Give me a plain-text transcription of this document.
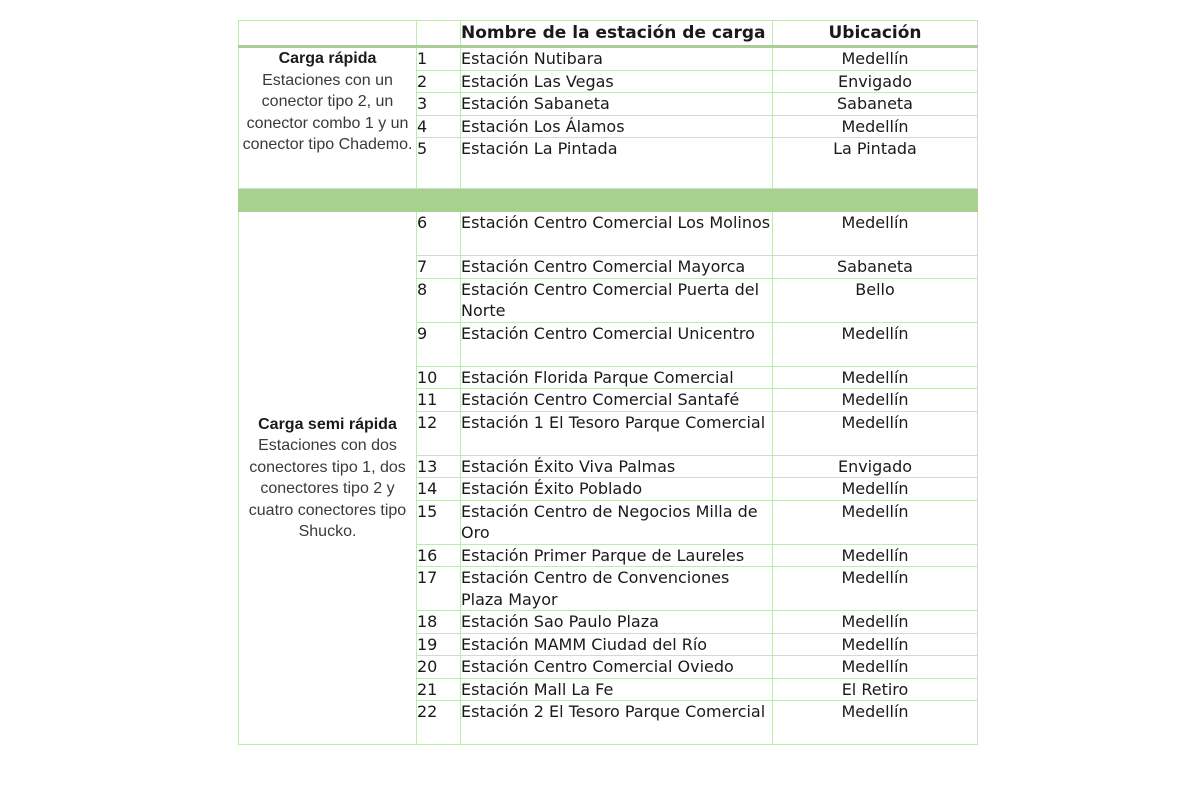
		Nombre de la estación de carga	Ubicación

Carga rápida
Estaciones con un conector tipo 2, un conector combo 1 y un conector tipo Chademo.	1	Estación Nutibara	Medellín
	2	Estación Las Vegas	Envigado
	3	Estación Sabaneta	Sabaneta
	4	Estación Los Álamos	Medellín
	5	Estación La Pintada	La Pintada

Carga semi rápida
Estaciones con dos conectores tipo 1, dos conectores tipo 2 y cuatro conectores tipo Shucko.	6	Estación Centro Comercial Los Molinos	Medellín
	7	Estación Centro Comercial Mayorca	Sabaneta
	8	Estación Centro Comercial Puerta del Norte	Bello
	9	Estación Centro Comercial Unicentro	Medellín
	10	Estación Florida Parque Comercial	Medellín
	11	Estación Centro Comercial Santafé	Medellín
	12	Estación 1 El Tesoro Parque Comercial	Medellín
	13	Estación Éxito Viva Palmas	Envigado
	14	Estación Éxito Poblado	Medellín
	15	Estación Centro de Negocios Milla de Oro	Medellín
	16	Estación Primer Parque de Laureles	Medellín
	17	Estación Centro de Convenciones Plaza Mayor	Medellín
	18	Estación Sao Paulo Plaza	Medellín
	19	Estación MAMM Ciudad del Río	Medellín
	20	Estación Centro Comercial Oviedo	Medellín
	21	Estación Mall La Fe	El Retiro
	22	Estación 2 El Tesoro Parque Comercial	Medellín
